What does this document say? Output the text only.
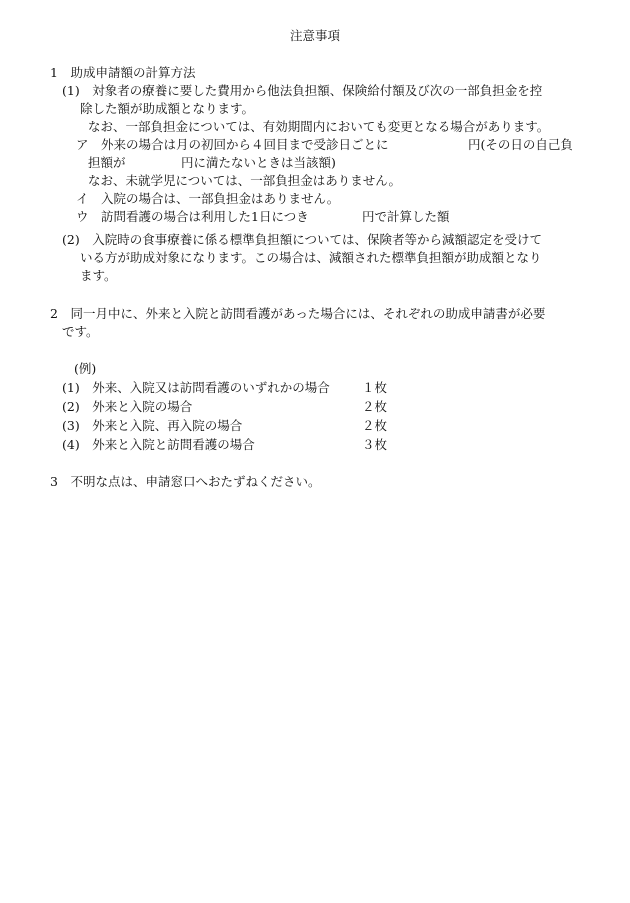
注意事項
1　助成申請額の計算方法
(1)　対象者の療養に要した費用から他法負担額、保険給付額及び次の一部負担金を控
除した額が助成額となります。
なお、一部負担金については、有効期間内においても変更となる場合があります。
ア　外来の場合は月の初回から４回目まで受診日ごとに	円(その日の自己負
担額が	円に満たないときは当該額)
なお、未就学児については、一部負担金はありません。
イ　入院の場合は、一部負担金はありません。
ウ　訪問看護の場合は利用した1日につき	円で計算した額
(2)　入院時の食事療養に係る標準負担額については、保険者等から減額認定を受けて
いる方が助成対象になります。この場合は、減額された標準負担額が助成額となり
ます。
2　同一月中に、外来と入院と訪問看護があった場合には、それぞれの助成申請書が必要
です。
(例)
(1)　外来、入院又は訪問看護のいずれかの場合	１枚
(2)　外来と入院の場合	２枚
(3)　外来と入院、再入院の場合	２枚
(4)　外来と入院と訪問看護の場合	３枚
3　不明な点は、申請窓口へおたずねください。
